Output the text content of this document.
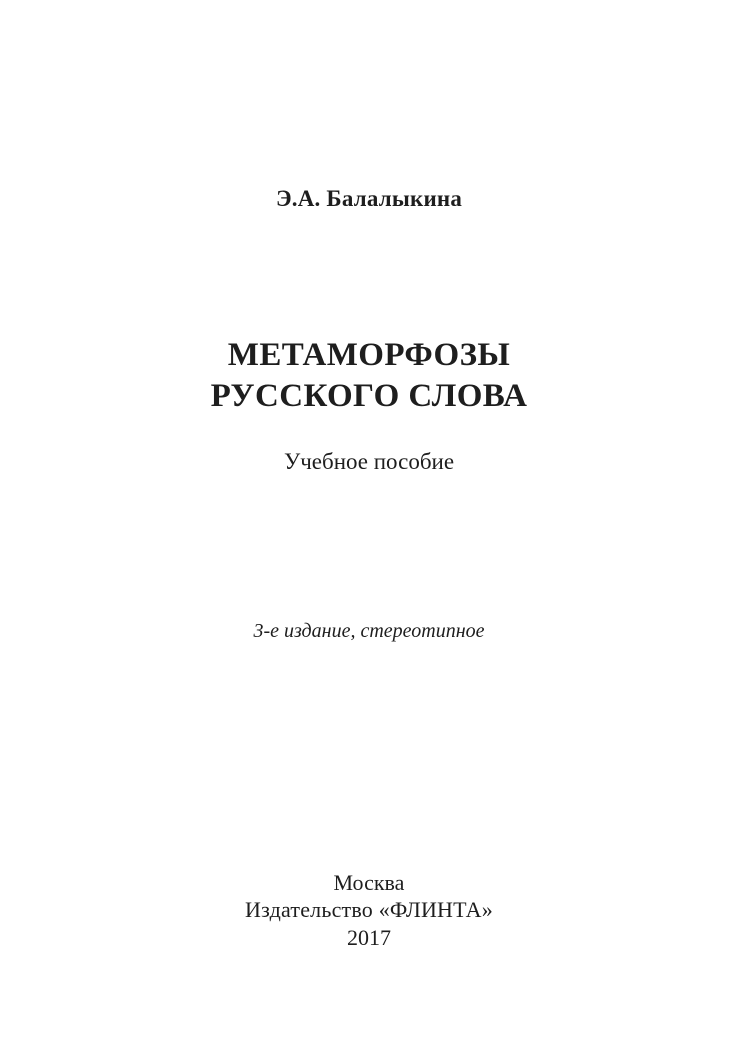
Э.А. Балалыкина
МЕТАМОРФОЗЫ
РУССКОГО СЛОВА
Учебное пособие
3-е издание, стереотипное
Москва
Издательство «ФЛИНТА»
2017
